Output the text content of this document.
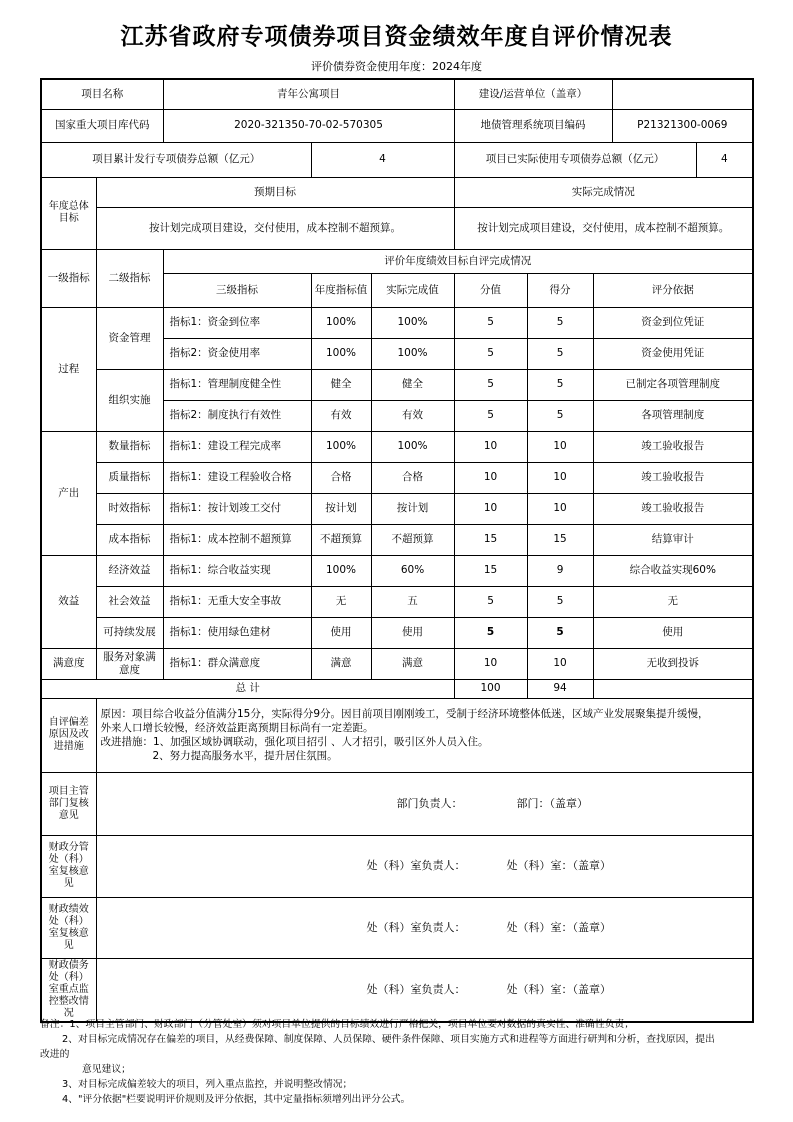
江苏省政府专项债券项目资金绩效年度自评价情况表
评价债券资金使用年度：2024年度
项目名称		青年公寓项目			建设/运营单位（盖章）				
国家重大项目库代码		2020-321350-70-02-570305			地债管理系统项目编码			P21321300-0069	
项目累计发行专项债券总额（亿元）			4		项目已实际使用专项债券总额（亿元）				4
年度总体目标	预期目标				实际完成情况				
	按计划完成项目建设，交付使用，成本控制不超预算。				按计划完成项目建设，交付使用，成本控制不超预算。				
一级指标	二级指标	评价年度绩效目标自评完成情况							
		三级指标	年度指标值	实际完成值	分值	得分	评分依据		
过程	资金管理	指标1：资金到位率	100%	100%	5	5	资金到位凭证		
		指标2：资金使用率	100%	100%	5	5	资金使用凭证		
	组织实施	指标1：管理制度健全性	健全	健全	5	5	已制定各项管理制度		
		指标2：制度执行有效性	有效	有效	5	5	各项管理制度		
产出	数量指标	指标1：建设工程完成率	100%	100%	10	10	竣工验收报告		
	质量指标	指标1：建设工程验收合格	合格	合格	10	10	竣工验收报告		
	时效指标	指标1：按计划竣工交付	按计划	按计划	10	10	竣工验收报告		
	成本指标	指标1：成本控制不超预算	不超预算	不超预算	15	15	结算审计		
效益	经济效益	指标1：综合收益实现	100%	60%	15	9	综合收益实现60%		
	社会效益	指标1：无重大安全事故	无	五	5	5	无		
	可持续发展	指标1：使用绿色建材	使用	使用	5	5	使用		
满意度	服务对象满意度	指标1：群众满意度	满意	满意	10	10	无收到投诉		
总 计					100	94			
自评偏差原因及改进措施	原因：项目综合收益分值满分15分，实际得分9分。因目前项目刚刚竣工，受制于经济环境整体低迷，区域产业发展聚集提升缓慢，
外来人口增长较慢，经济效益距离预期目标尚有一定差距。
改进措施：1、加强区域协调联动，强化项目招引 、人才招引，吸引区外人员入住。
2、努力提高服务水平，提升居住氛围。								

项目主管部门复核意见	部门负责人： 部门：（盖章）								

财政分管处（科）室复核意见	处（科）室负责人： 处（科）室：（盖章）								

财政绩效处（科）室复核意见	处（科）室负责人： 处（科）室：（盖章）								

财政债务处（科）室重点监控整改情况	处（科）室负责人： 处（科）室：（盖章）								
备注：1、项目主管部门、财政部门（分管处室）须对项目单位提供的目标绩效进行严格把关，项目单位要对数据的真实性、准确性负责；
2、对目标完成情况存在偏差的项目，从经费保障、制度保障、人员保障、硬件条件保障、项目实施方式和进程等方面进行研判和分析，查找原因，提出
改进的
意见建议；
3、对目标完成偏差较大的项目，列入重点监控，并说明整改情况；
4、"评分依据"栏要说明评价规则及评分依据，其中定量指标须增列出评分公式。
